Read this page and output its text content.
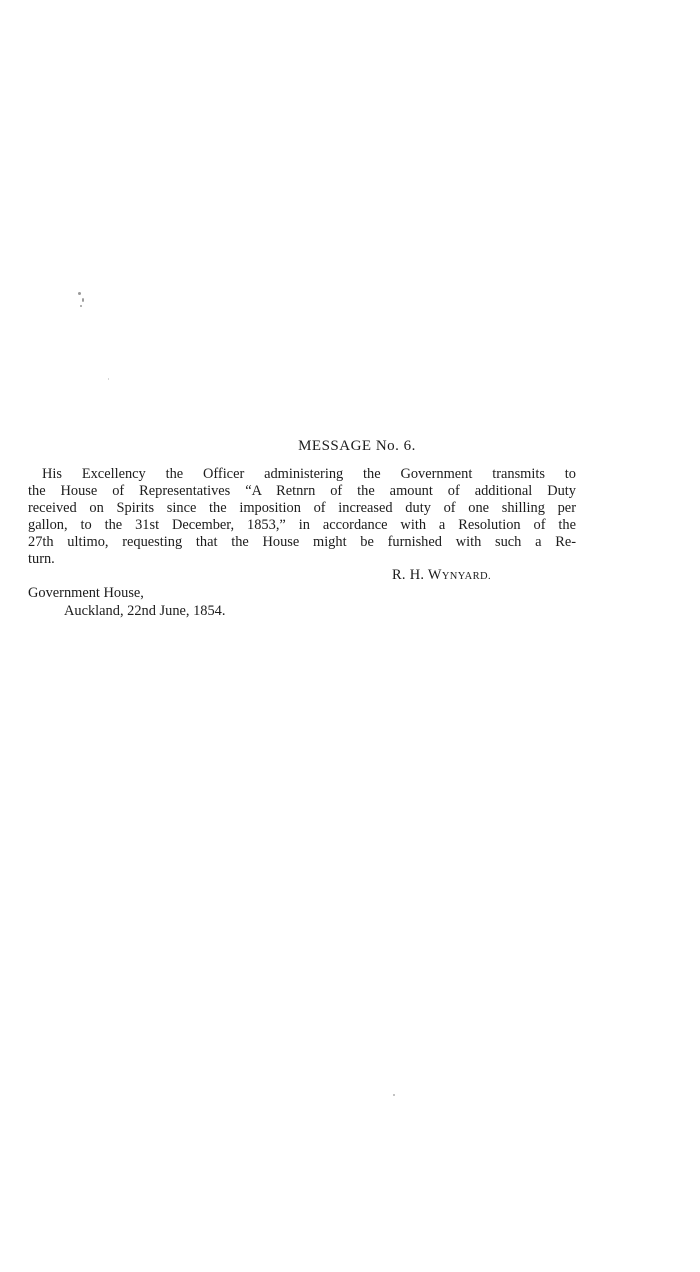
MESSAGE No. 6.
His Excellency the Officer administering the Government transmits to
the House of Representatives “A Retnrn of the amount of additional Duty
received on Spirits since the imposition of increased duty of one shilling per
gallon, to the 31st December, 1853,” in accordance with a Resolution of the
27th ultimo, requesting that the House might be furnished with such a Re-
turn.
R. H. WYNYARD.
Government House,
Auckland, 22nd June, 1854.
